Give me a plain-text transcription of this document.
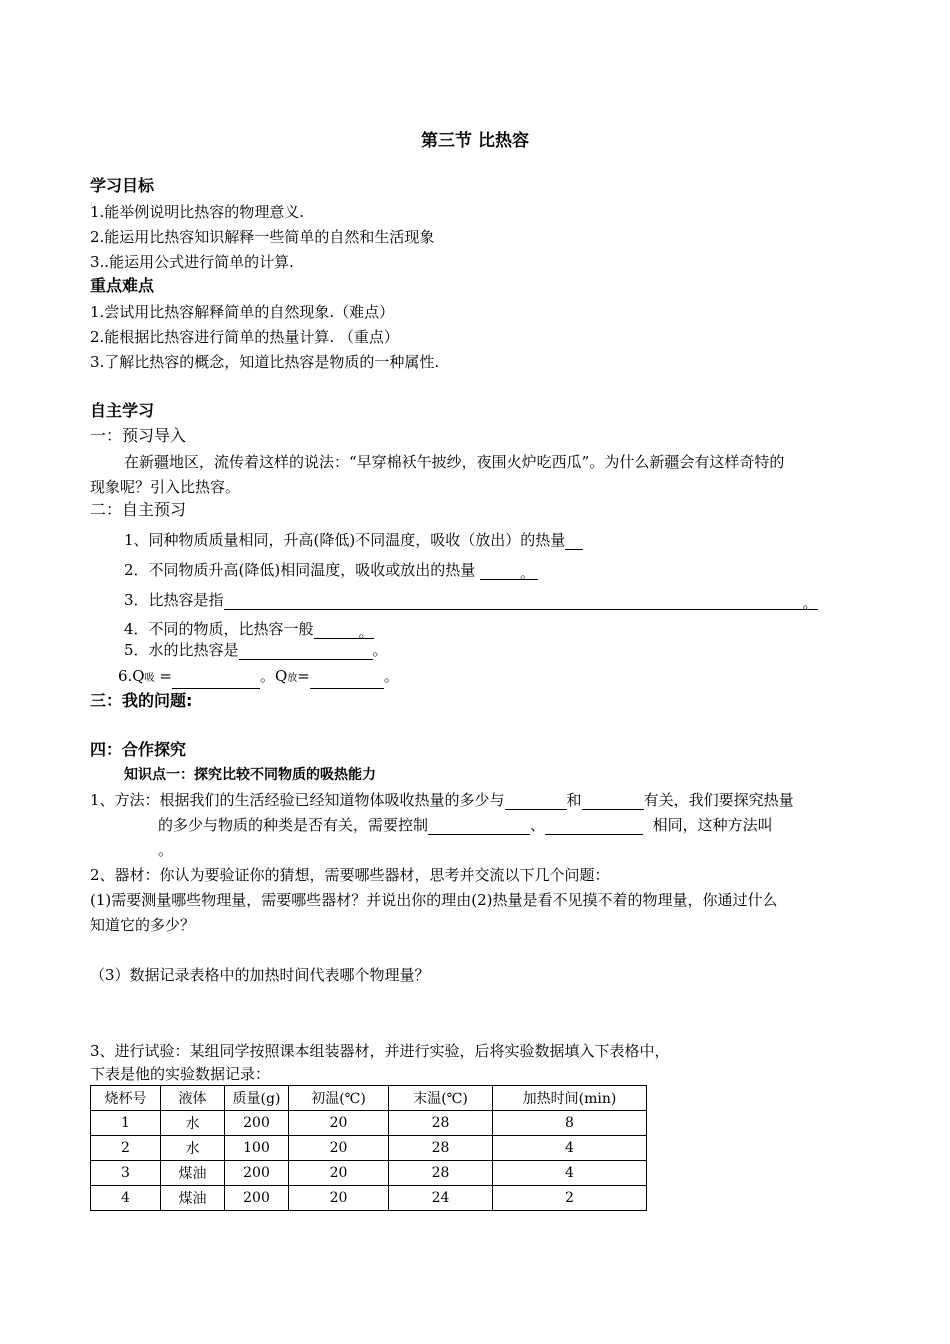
第三节 比热容
学习目标
1.能举例说明比热容的物理意义.
2.能运用比热容知识解释一些简单的自然和生活现象
3..能运用公式进行简单的计算.
重点难点
1.尝试用比热容解释简单的自然现象.（难点）
2.能根据比热容进行简单的热量计算. （重点）
3.了解比热容的概念，知道比热容是物质的一种属性.
自主学习
一：预习导入
在新疆地区，流传着这样的说法：“早穿棉袄午披纱，夜围火炉吃西瓜”。为什么新疆会有这样奇特的
现象呢？引入比热容。
二：自主预习
1、同种物质质量相同，升高(降低)不同温度，吸收（放出）的热量
2．不同物质升高(降低)相同温度，吸收或放出的热量	。
3．比热容是指	。
4．不同的物质，比热容一般	。
5．水的比热容是	。
6.Q吸 =	。Q放=	。
三：我的问题:
四：合作探究
知识点一：探究比较不同物质的吸热能力
1、方法：根据我们的生活经验已经知道物体吸收热量的多少与	和	有关，我们要探究热量
的多少与物质的种类是否有关，需要控制	、	相同，这种方法叫
。
2、器材：你认为要验证你的猜想，需要哪些器材，思考并交流以下几个问题：
(1)需要测量哪些物理量，需要哪些器材？并说出你的理由(2)热量是看不见摸不着的物理量，你通过什么
知道它的多少？
（3）数据记录表格中的加热时间代表哪个物理量？
3、进行试验：某组同学按照课本组装器材，并进行实验，后将实验数据填入下表格中，
下表是他的实验数据记录：
烧杯号	液体	质量(g)	初温(℃)	末温(℃)	加热时间(min)
1	水	200	20	28	8
2	水	100	20	28	4
3	煤油	200	20	28	4
4	煤油	200	20	24	2
